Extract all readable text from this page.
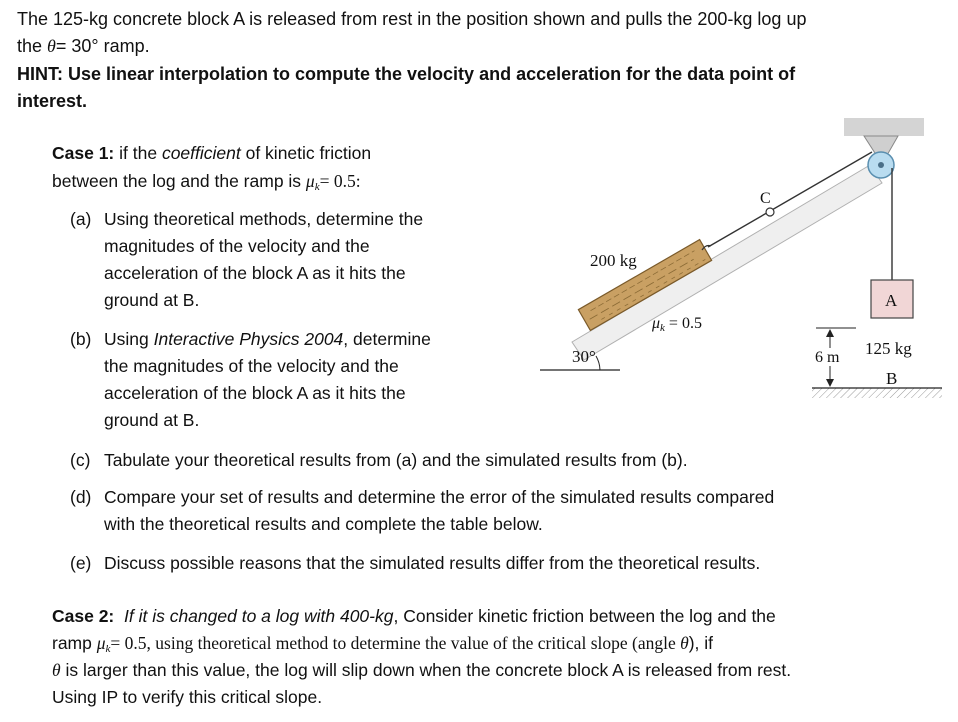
The 125-kg concrete block A is released from rest in the position shown and pulls the 200-kg log up
the θ= 30° ramp.
HINT: Use linear interpolation to compute the velocity and acceleration for the data point of
interest.
Case 1: if the coefficient of kinetic friction
between the log and the ramp is $\mu_k= 0.5$:
(a) Using theoretical methods, determine the
magnitudes of the velocity and the
acceleration of the block A as it hits the
ground at B.
(b) Using Interactive Physics 2004, determine
the magnitudes of the velocity and the
acceleration of the block A as it hits the
ground at B.
(c) Tabulate your theoretical results from (a) and the simulated results from (b).
(d) Compare your set of results and determine the error of the simulated results compared
with the theoretical results and complete the table below.
(e) Discuss possible reasons that the simulated results differ from the theoretical results.
Case 2: If it is changed to a log with 400-kg, Consider kinetic friction between the log and the
ramp $\mu_k= 0.5$, using theoretical method to determine the value of the critical slope (angle θ), if
θ is larger than this value, the log will slip down when the concrete block A is released from rest.
Using IP to verify this critical slope.
200 kg
μk = 0.5
30°
C
A
125 kg
B
6 m
